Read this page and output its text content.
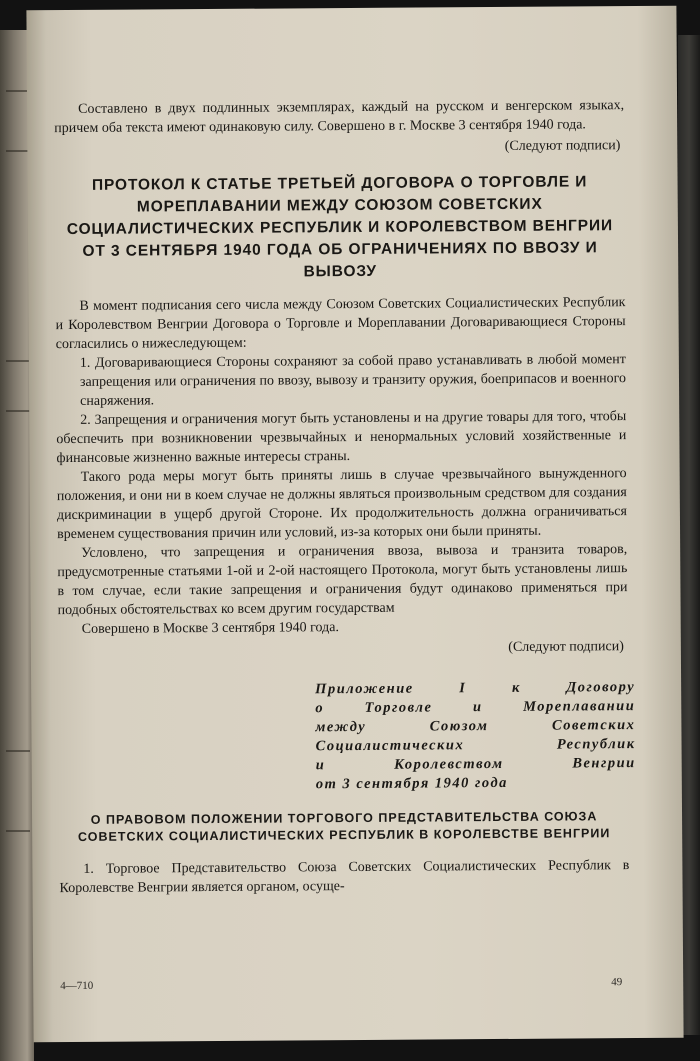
Составлено в двух подлинных экземплярах, каждый на русском и венгерском языках, причем оба текста имеют одинаковую силу. Совершено в г. Москве 3 сентября 1940 года.

(Следуют подписи)
ПРОТОКОЛ К СТАТЬЕ ТРЕТЬЕЙ ДОГОВОРА О ТОРГОВЛЕ И МОРЕПЛАВАНИИ МЕЖДУ СОЮЗОМ СОВЕТСКИХ СОЦИАЛИСТИЧЕСКИХ РЕСПУБЛИК И КОРОЛЕВСТВОМ ВЕНГРИИ ОТ 3 СЕНТЯБРЯ 1940 ГОДА ОБ ОГРАНИЧЕНИЯХ ПО ВВОЗУ И ВЫВОЗУ

В момент подписания сего числа между Союзом Советских Социалистических Республик и Королевством Венгрии Договора о Торговле и Мореплавании Договаривающиеся Стороны согласились о нижеследующем:

1. Договаривающиеся Стороны сохраняют за собой право устанавливать в любой момент запрещения или ограничения по ввозу, вывозу и транзиту оружия, боеприпасов и военного снаряжения.

2. Запрещения и ограничения могут быть установлены и на другие товары для того, чтобы обеспечить при возникновении чрезвычайных и ненормальных условий хозяйственные и финансовые жизненно важные интересы страны.

Такого рода меры могут быть приняты лишь в случае чрезвычайного вынужденного положения, и они ни в коем случае не должны являться произвольным средством для создания дискриминации в ущерб другой Стороне. Их продолжительность должна ограничиваться временем существования причин или условий, из-за которых они были приняты.

Условлено, что запрещения и ограничения ввоза, вывоза и транзита товаров, предусмотренные статьями 1-ой и 2-ой настоящего Протокола, могут быть установлены лишь в том случае, если такие запрещения и ограничения будут одинаково применяться при подобных обстоятельствах ко всем другим государствам

Совершено в Москве 3 сентября 1940 года.

(Следуют подписи)
Приложение I к Договору
о Торговле и Мореплавании
между Союзом Советских
Социалистических Республик
и Королевством Венгрии
от 3 сентября 1940 года
О ПРАВОВОМ ПОЛОЖЕНИИ ТОРГОВОГО ПРЕДСТАВИТЕЛЬСТВА СОЮЗА СОВЕТСКИХ СОЦИАЛИСТИЧЕСКИХ РЕСПУБЛИК В КОРОЛЕВСТВЕ ВЕНГРИИ

1. Торговое Представительство Союза Советских Социалистических Республик в Королевстве Венгрии является органом, осуще-

4—710	49
